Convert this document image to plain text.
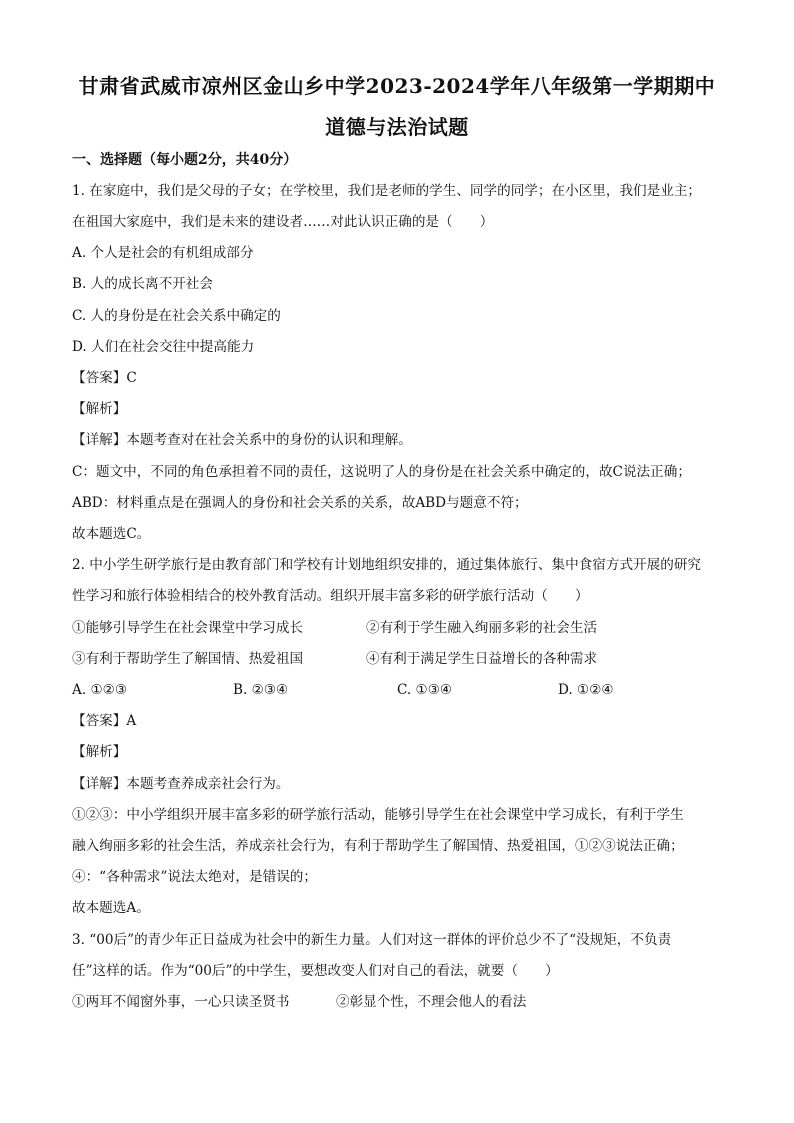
甘肃省武威市凉州区金山乡中学2023-2024学年八年级第一学期期中
道德与法治试题
一、选择题（每小题2分，共40分）
1. 在家庭中，我们是父母的子女；在学校里，我们是老师的学生、同学的同学；在小区里，我们是业主；
在祖国大家庭中，我们是未来的建设者……对此认识正确的是（　　）
A. 个人是社会的有机组成部分
B. 人的成长离不开社会
C. 人的身份是在社会关系中确定的
D. 人们在社会交往中提高能力
【答案】C
【解析】
【详解】本题考查对在社会关系中的身份的认识和理解。
C：题文中，不同的角色承担着不同的责任，这说明了人的身份是在社会关系中确定的，故C说法正确；
ABD：材料重点是在强调人的身份和社会关系的关系，故ABD与题意不符；
故本题选C。
2. 中小学生研学旅行是由教育部门和学校有计划地组织安排的，通过集体旅行、集中食宿方式开展的研究
性学习和旅行体验相结合的校外教育活动。组织开展丰富多彩的研学旅行活动（　　）
①能够引导学生在社会课堂中学习成长	②有利于学生融入绚丽多彩的社会生活
③有利于帮助学生了解国情、热爱祖国	④有利于满足学生日益增长的各种需求
A. ①②③	B. ②③④	C. ①③④	D. ①②④
【答案】A
【解析】
【详解】本题考查养成亲社会行为。
①②③：中小学组织开展丰富多彩的研学旅行活动，能够引导学生在社会课堂中学习成长，有利于学生
融入绚丽多彩的社会生活，养成亲社会行为，有利于帮助学生了解国情、热爱祖国，①②③说法正确；
④：“各种需求”说法太绝对，是错误的；
故本题选A。
3. “00后”的青少年正日益成为社会中的新生力量。人们对这一群体的评价总少不了“没规矩，不负责
任”这样的话。作为“00后”的中学生，要想改变人们对自己的看法，就要（　　）
①两耳不闻窗外事，一心只读圣贤书	②彰显个性，不理会他人的看法
